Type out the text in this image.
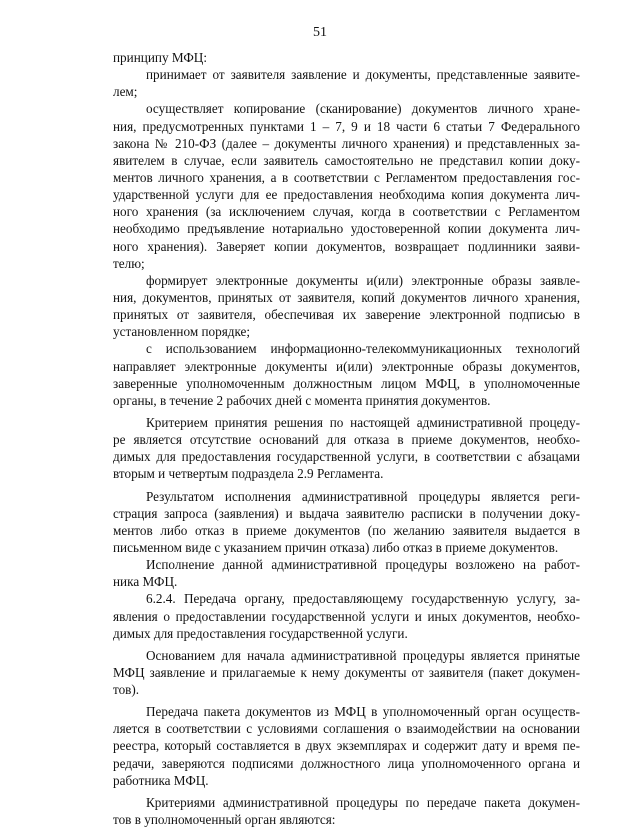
51
принципу МФЦ:
принимает от заявителя заявление и документы, представленные заявите-
лем;
осуществляет копирование (сканирование) документов личного хране-
ния, предусмотренных пунктами 1 – 7, 9 и 18 части 6 статьи 7 Федерального
закона № 210-ФЗ (далее – документы личного хранения) и представленных за-
явителем в случае, если заявитель самостоятельно не представил копии доку-
ментов личного хранения, а в соответствии с Регламентом предоставления гос-
ударственной услуги для ее предоставления необходима копия документа лич-
ного хранения (за исключением случая, когда в соответствии с Регламентом
необходимо предъявление нотариально удостоверенной копии документа лич-
ного хранения). Заверяет копии документов, возвращает подлинники заяви-
телю;
формирует электронные документы и(или) электронные образы заявле-
ния, документов, принятых от заявителя, копий документов личного хранения,
принятых от заявителя, обеспечивая их заверение электронной подписью в
установленном порядке;
с использованием информационно-телекоммуникационных технологий
направляет электронные документы и(или) электронные образы документов,
заверенные уполномоченным должностным лицом МФЦ, в уполномоченные
органы, в течение 2 рабочих дней с момента принятия документов.
Критерием принятия решения по настоящей административной процеду-
ре является отсутствие оснований для отказа в приеме документов, необхо-
димых для предоставления государственной услуги, в соответствии с абзацами
вторым и четвертым подраздела 2.9 Регламента.
Результатом исполнения административной процедуры является реги-
страция запроса (заявления) и выдача заявителю расписки в получении доку-
ментов либо отказ в приеме документов (по желанию заявителя выдается в
письменном виде с указанием причин отказа) либо отказ в приеме документов.
Исполнение данной административной процедуры возложено на работ-
ника МФЦ.
6.2.4. Передача органу, предоставляющему государственную услугу, за-
явления о предоставлении государственной услуги и иных документов, необхо-
димых для предоставления государственной услуги.
Основанием для начала административной процедуры является принятые
МФЦ заявление и прилагаемые к нему документы от заявителя (пакет докумен-
тов).
Передача пакета документов из МФЦ в уполномоченный орган осуществ-
ляется в соответствии с условиями соглашения о взаимодействии на основании
реестра, который составляется в двух экземплярах и содержит дату и время пе-
редачи, заверяются подписями должностного лица уполномоченного органа и
работника МФЦ.
Критериями административной процедуры по передаче пакета докумен-
тов в уполномоченный орган являются:
